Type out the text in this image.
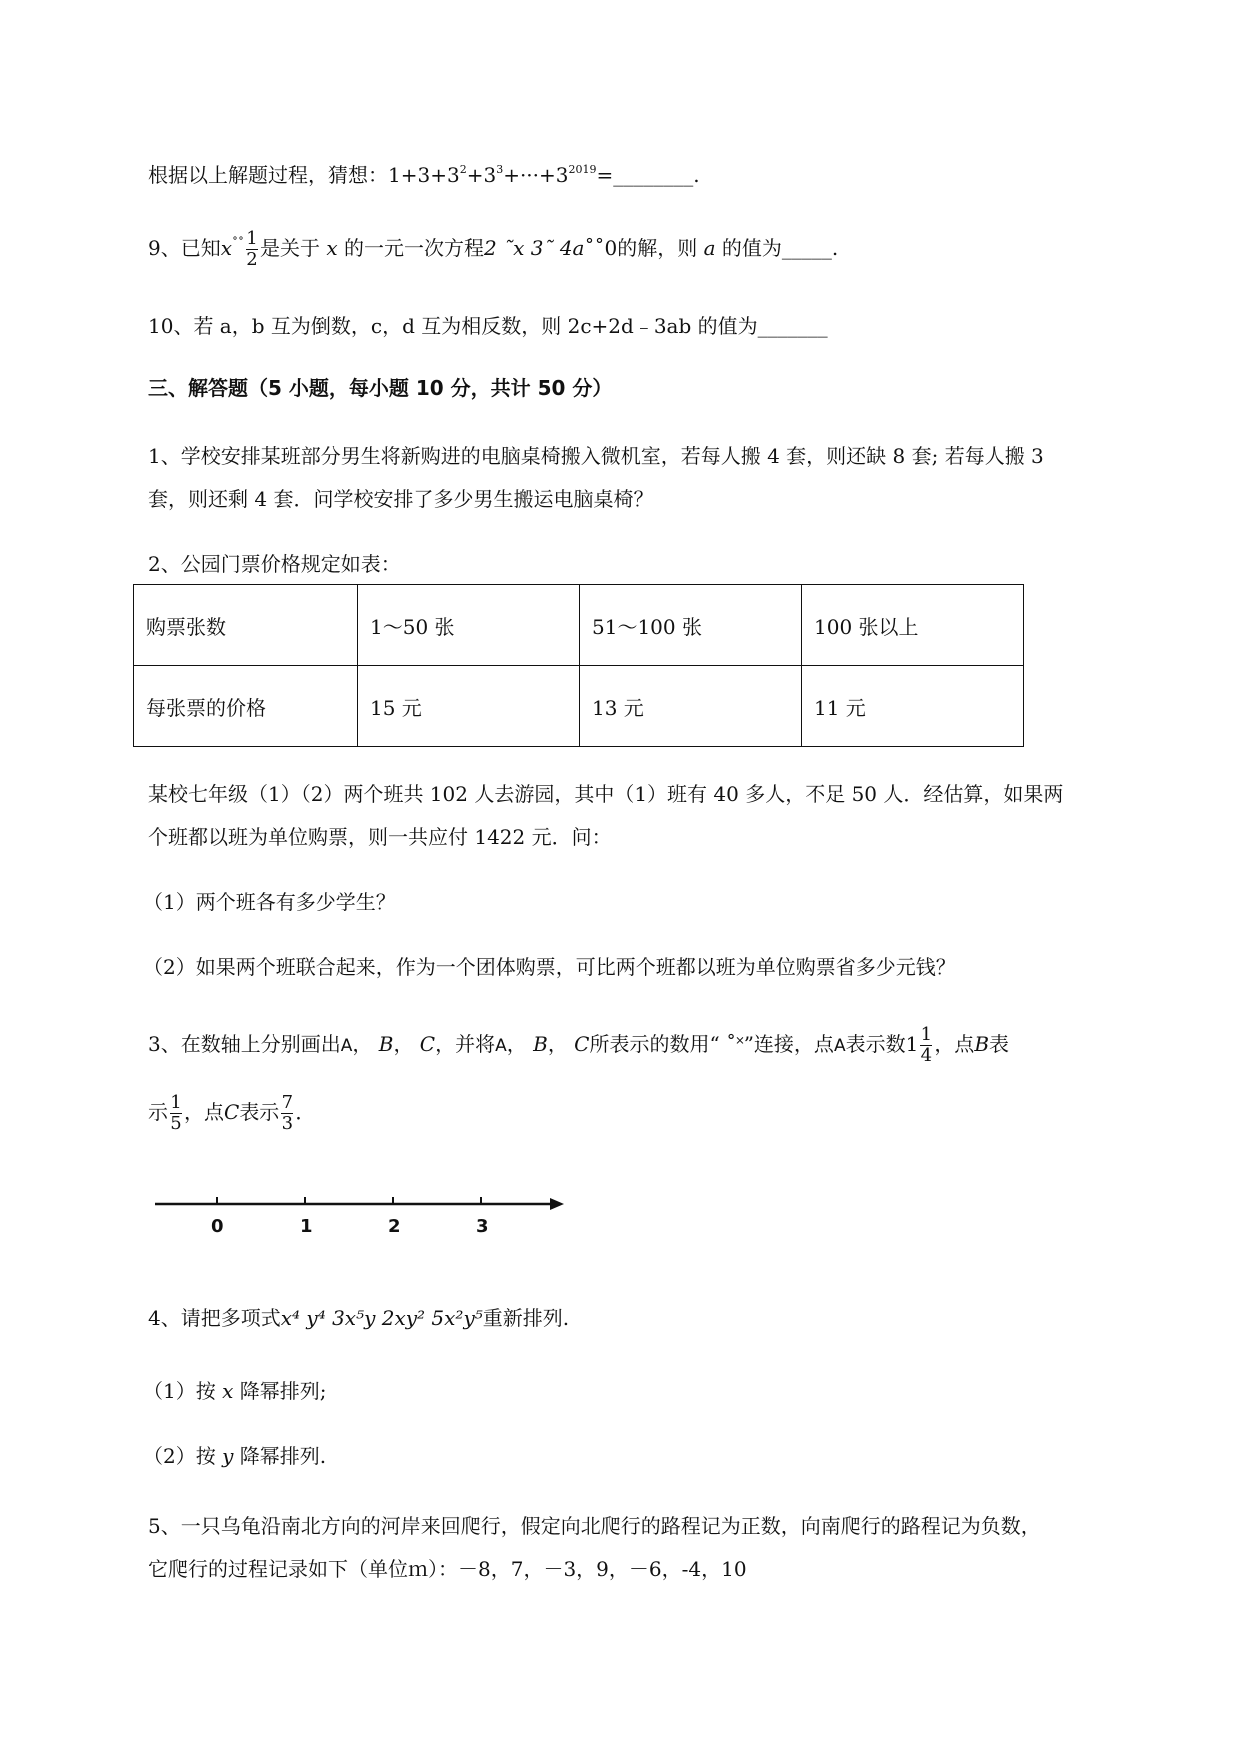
根据以上解题过程，猜想：$1+3+3^2+3^3+\cdot\cdot\cdot+3^{2019}=\_\_\_\_\_\_\_\_$.
9、已知$x^{˚˚} \frac{1}{2}$ 是关于 x 的一元一次方程2 ˜x 3˜ 4a˚˚0的解，则 a 的值为_____.
10、若 a，b 互为倒数，c，d 互为相反数，则 2c+2d﹣3ab 的值为_______
三、解答题（5 小题，每小题 10 分，共计 50 分）
1、学校安排某班部分男生将新购进的电脑桌椅搬入微机室，若每人搬 4 套，则还缺 8 套; 若每人搬 3
套，则还剩 4 套．问学校安排了多少男生搬运电脑桌椅？
2、公园门票价格规定如表：
购票张数	1～50 张	51～100 张	100 张以上
每张票的价格	15 元	13 元	11 元
某校七年级（1）（2）两个班共 102 人去游园，其中（1）班有 40 多人，不足 50 人．经估算，如果两
个班都以班为单位购票，则一共应付 1422 元．问：
（1）两个班各有多少学生？
（2）如果两个班联合起来，作为一个团体购票，可比两个班都以班为单位购票省多少元钱？
3、在数轴上分别画出A， B， C，并将A， B， C所表示的数用“ ˚˟”连接，点A表示数$1 \frac{1}{4}$ ，点B表
示 $\frac{1}{5}$ ，点C表示 $\frac{7}{3}$ ．
0	1	2	3
4、请把多项式x⁴ y⁴ 3x⁵y 2xy² 5x²y⁵重新排列.
（1）按 x 降幂排列;
（2）按 y 降幂排列.
5、一只乌龟沿南北方向的河岸来回爬行，假定向北爬行的路程记为正数，向南爬行的路程记为负数，
它爬行的过程记录如下（单位ｍ）：－8，7，－3，9，－6，-4，10
